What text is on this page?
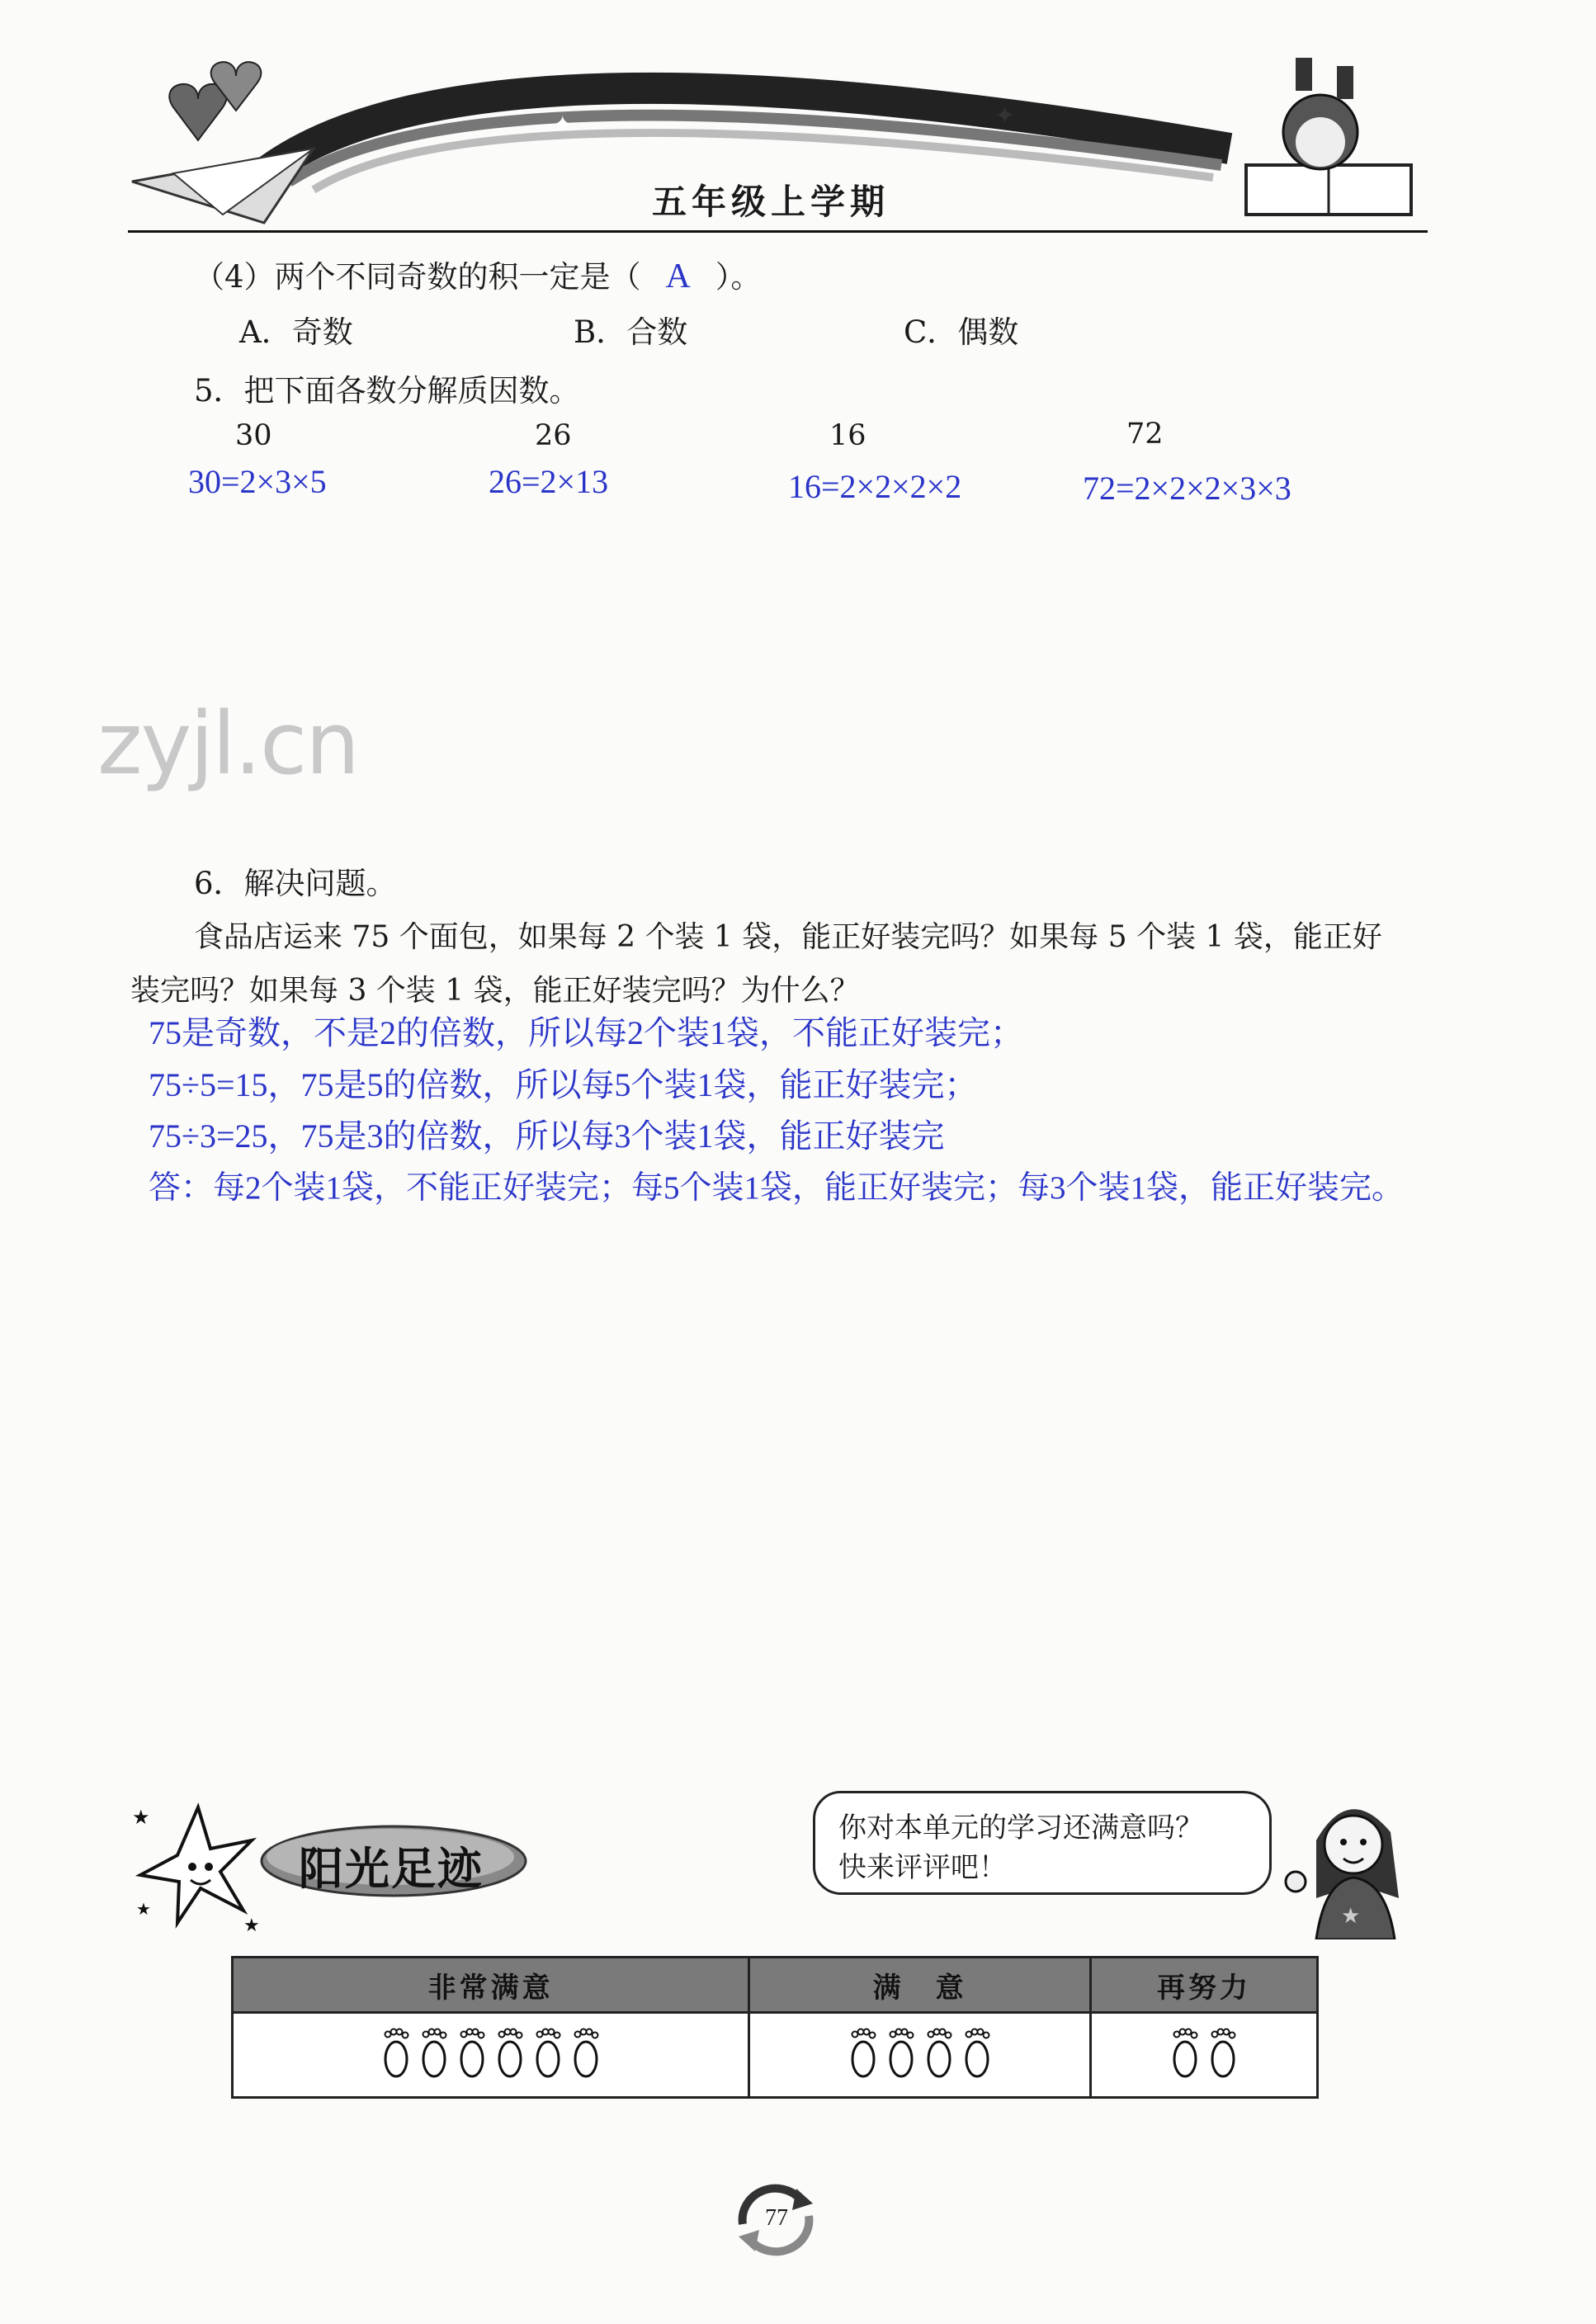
✦	✦
五年级上学期
（4）两个不同奇数的积一定是（ A ）。
A．奇数	B．合数	C．偶数
5．把下面各数分解质因数。
30	26	16	72
30=2×3×5	26=2×13	16=2×2×2×2	72=2×2×2×3×3
zyjl.cn
6．解决问题。
食品店运来 75 个面包，如果每 2 个装 1 袋，能正好装完吗？如果每 5 个装 1 袋，能正好
装完吗？如果每 3 个装 1 袋，能正好装完吗？为什么？
75是奇数，不是2的倍数，所以每2个装1袋，不能正好装完；
75÷5=15，75是5的倍数，所以每5个装1袋，能正好装完；
75÷3=25，75是3的倍数，所以每3个装1袋，能正好装完
答：每2个装1袋，不能正好装完；每5个装1袋，能正好装完；每3个装1袋，能正好装完。
★
★
★
阳光足迹
你对本单元的学习还满意吗？
快来评评吧！
★
非常满意	满　意	再努力

77
